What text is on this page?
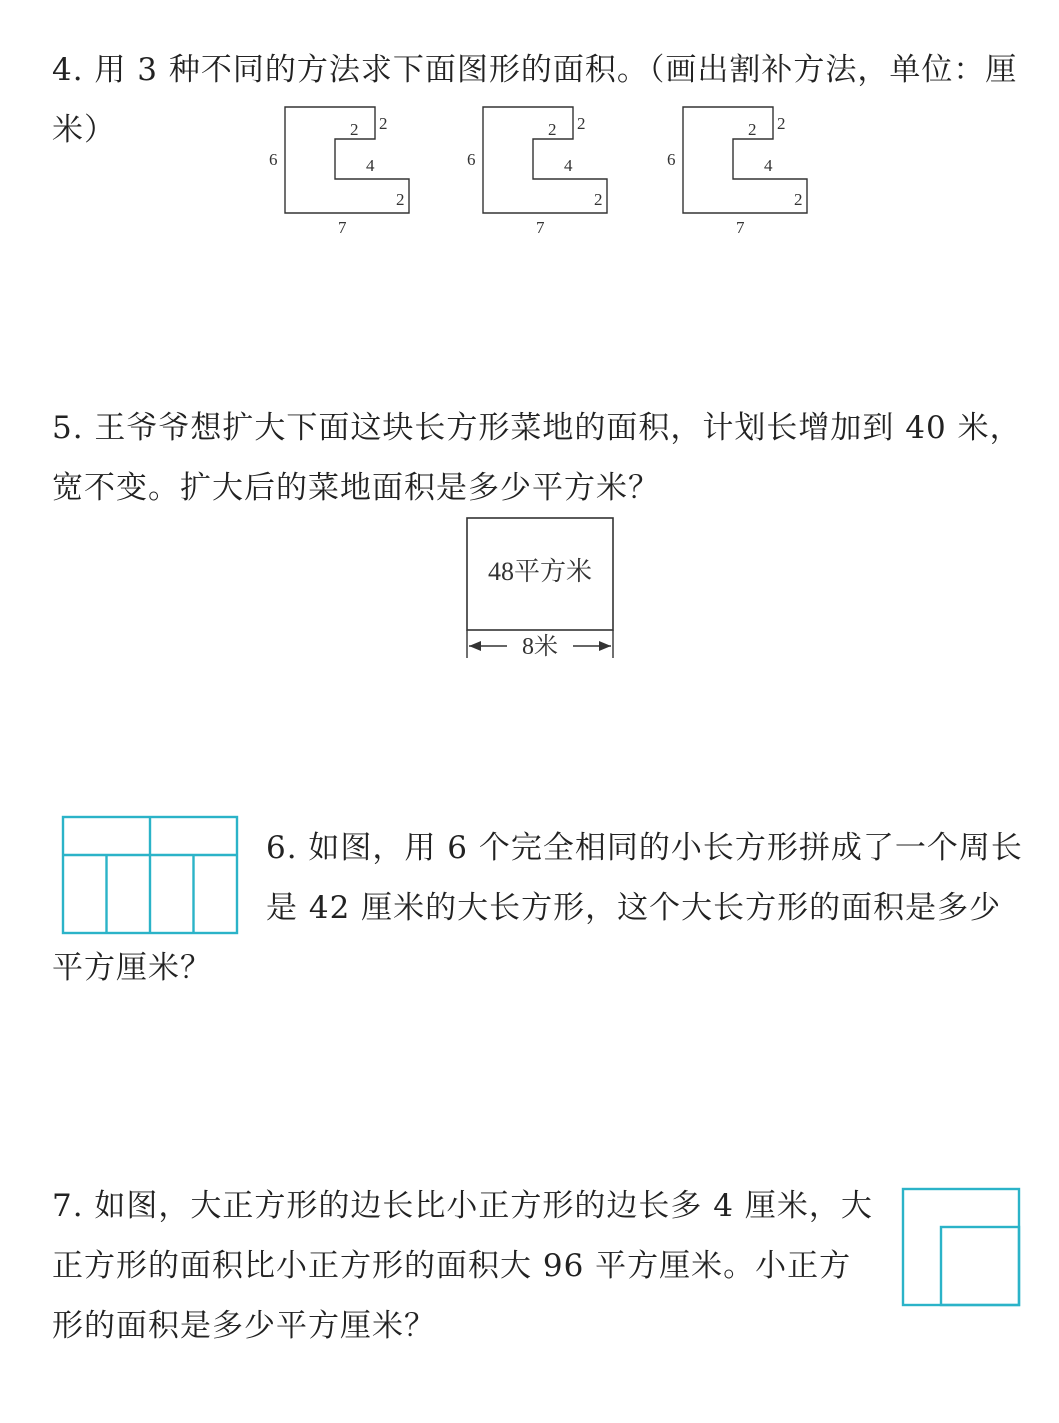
4. 用 3 种不同的方法求下面图形的面积。（画出割补方法，单位：厘米）
6
7
2 2
4
2
6
7
2 2
4
2
6
7
2 2
4
2
5. 王爷爷想扩大下面这块长方形菜地的面积，计划长增加到 40 米，
宽不变。扩大后的菜地面积是多少平方米？
48平方米
8米
6. 如图，用 6 个完全相同的小长方形拼成了一个周长
是 42 厘米的大长方形，这个大长方形的面积是多少
平方厘米？
7. 如图，大正方形的边长比小正方形的边长多 4 厘米，大
正方形的面积比小正方形的面积大 96 平方厘米。小正方
形的面积是多少平方厘米？
